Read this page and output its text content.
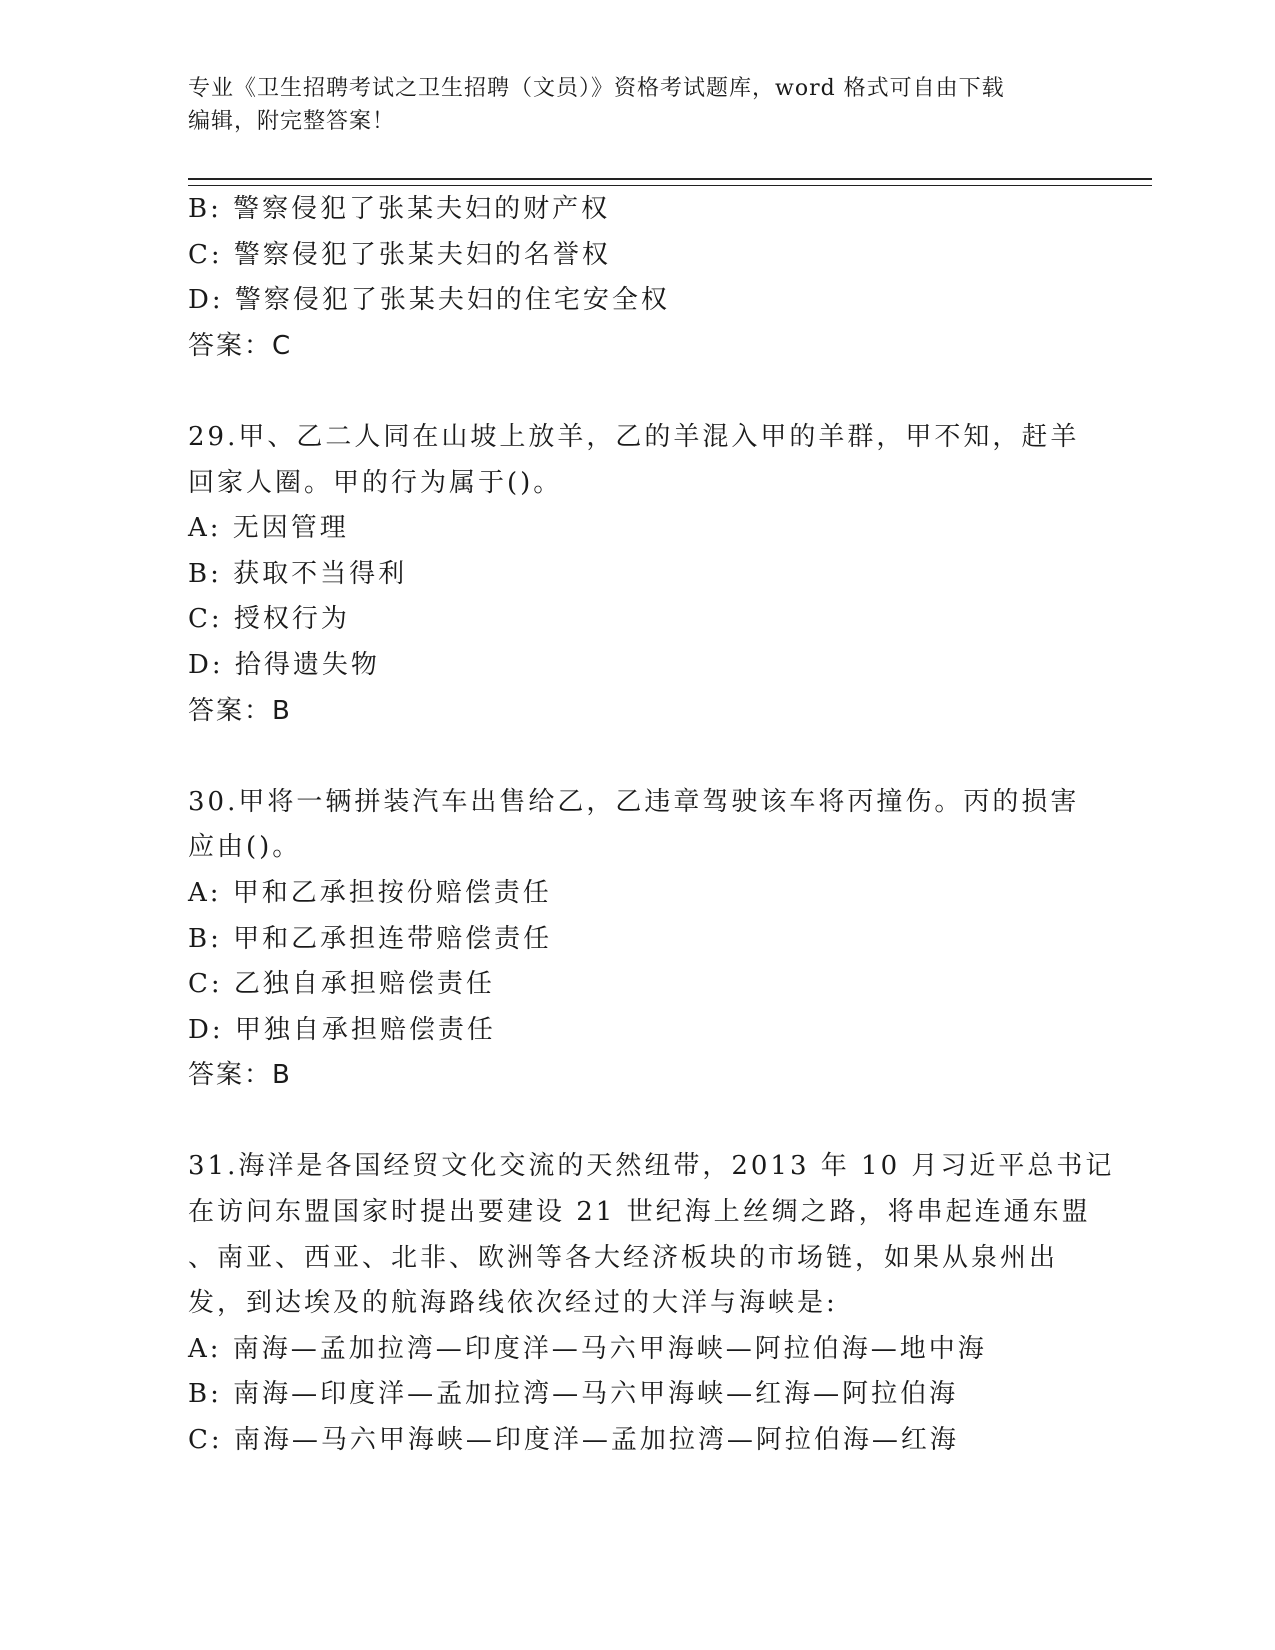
专业《卫生招聘考试之卫生招聘（文员）》资格考试题库，word 格式可自由下载
编辑，附完整答案！
B: 警察侵犯了张某夫妇的财产权
C: 警察侵犯了张某夫妇的名誉权
D: 警察侵犯了张某夫妇的住宅安全权
答案：C
29.甲、乙二人同在山坡上放羊，乙的羊混入甲的羊群，甲不知，赶羊
回家人圈。甲的行为属于()。
A: 无因管理
B: 获取不当得利
C: 授权行为
D: 拾得遗失物
答案：B
30.甲将一辆拼装汽车出售给乙，乙违章驾驶该车将丙撞伤。丙的损害
应由()。
A: 甲和乙承担按份赔偿责任
B: 甲和乙承担连带赔偿责任
C: 乙独自承担赔偿责任
D: 甲独自承担赔偿责任
答案：B
31.海洋是各国经贸文化交流的天然纽带，2013 年 10 月习近平总书记
在访问东盟国家时提出要建设 21 世纪海上丝绸之路，将串起连通东盟
、南亚、西亚、北非、欧洲等各大经济板块的市场链，如果从泉州出
发，到达埃及的航海路线依次经过的大洋与海峡是:
A: 南海—孟加拉湾—印度洋—马六甲海峡—阿拉伯海—地中海
B: 南海—印度洋—孟加拉湾—马六甲海峡—红海—阿拉伯海
C: 南海—马六甲海峡—印度洋—孟加拉湾—阿拉伯海—红海
